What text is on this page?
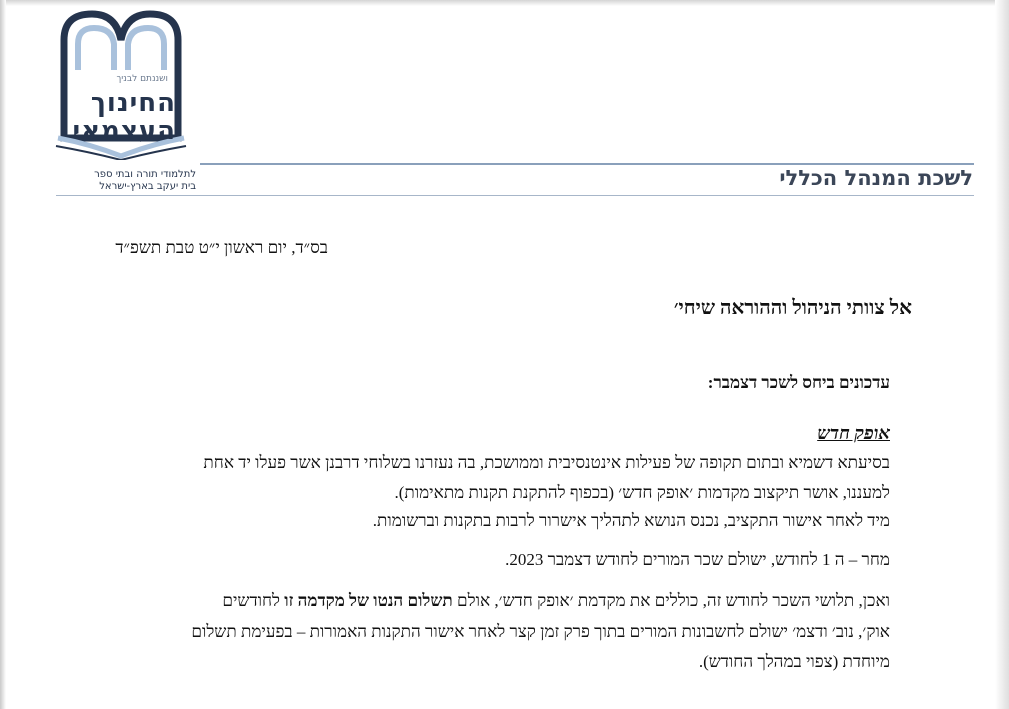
ושננתם לבניך
החינוך
העצמאי
לתלמודי תורה ובתי ספר
בית יעקב בארץ-ישראל	לשכת המנהל הכללי
בס״ד, יום ראשון י״ט טבת תשפ״ד
אל צוותי הניהול וההוראה שיחי׳
עדכונים ביחס לשכר דצמבר:
אופק חדש
בסיעתא דשמיא ובתום תקופה של פעילות אינטנסיבית וממושכת, בה נעזרנו בשלוחי דרבנן אשר פעלו יד אחת
למעננו, אושר תיקצוב מקדמות ׳אופק חדש׳ (בכפוף להתקנת תקנות מתאימות).
מיד לאחר אישור התקציב, נכנס הנושא לתהליך אישרור לרבות בתקנות וברשומות.
מחר – ה 1 לחודש, ישולם שכר המורים לחודש דצמבר 2023.
ואכן, תלושי השכר לחודש זה, כוללים את מקדמת ׳אופק חדש׳, אולם תשלום הנטו של מקדמה זו לחודשים
אוק׳, נוב׳ ודצמ׳ ישולם לחשבונות המורים בתוך פרק זמן קצר לאחר אישור התקנות האמורות – בפעימת תשלום
מיוחדת (צפוי במהלך החודש).
